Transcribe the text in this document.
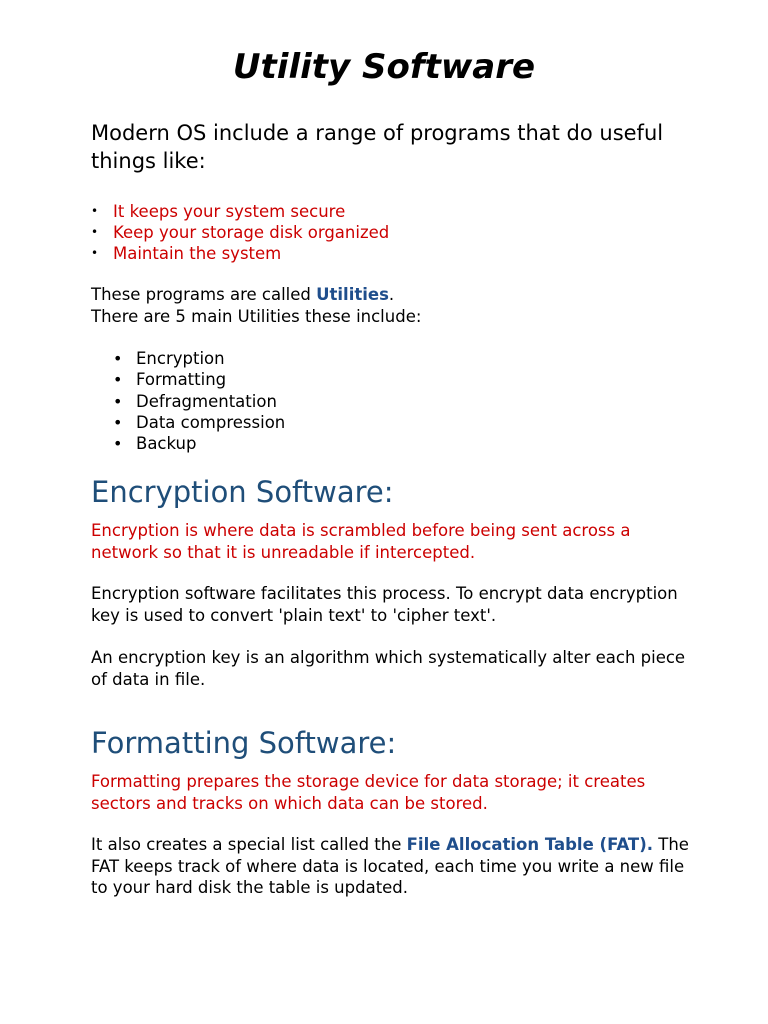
Utility Software

Modern OS include a range of programs that do useful things like:

• It keeps your system secure
• Keep your storage disk organized
• Maintain the system

These programs are called Utilities.
There are 5 main Utilities these include:

• Encryption
• Formatting
• Defragmentation
• Data compression
• Backup
Encryption Software:

Encryption is where data is scrambled before being sent across a network so that it is unreadable if intercepted.

Encryption software facilitates this process. To encrypt data encryption key is used to convert 'plain text' to 'cipher text'.

An encryption key is an algorithm which systematically alter each piece of data in file.

Formatting Software:

Formatting prepares the storage device for data storage; it creates sectors and tracks on which data can be stored.

It also creates a special list called the File Allocation Table (FAT). The FAT keeps track of where data is located, each time you write a new file to your hard disk the table is updated.
